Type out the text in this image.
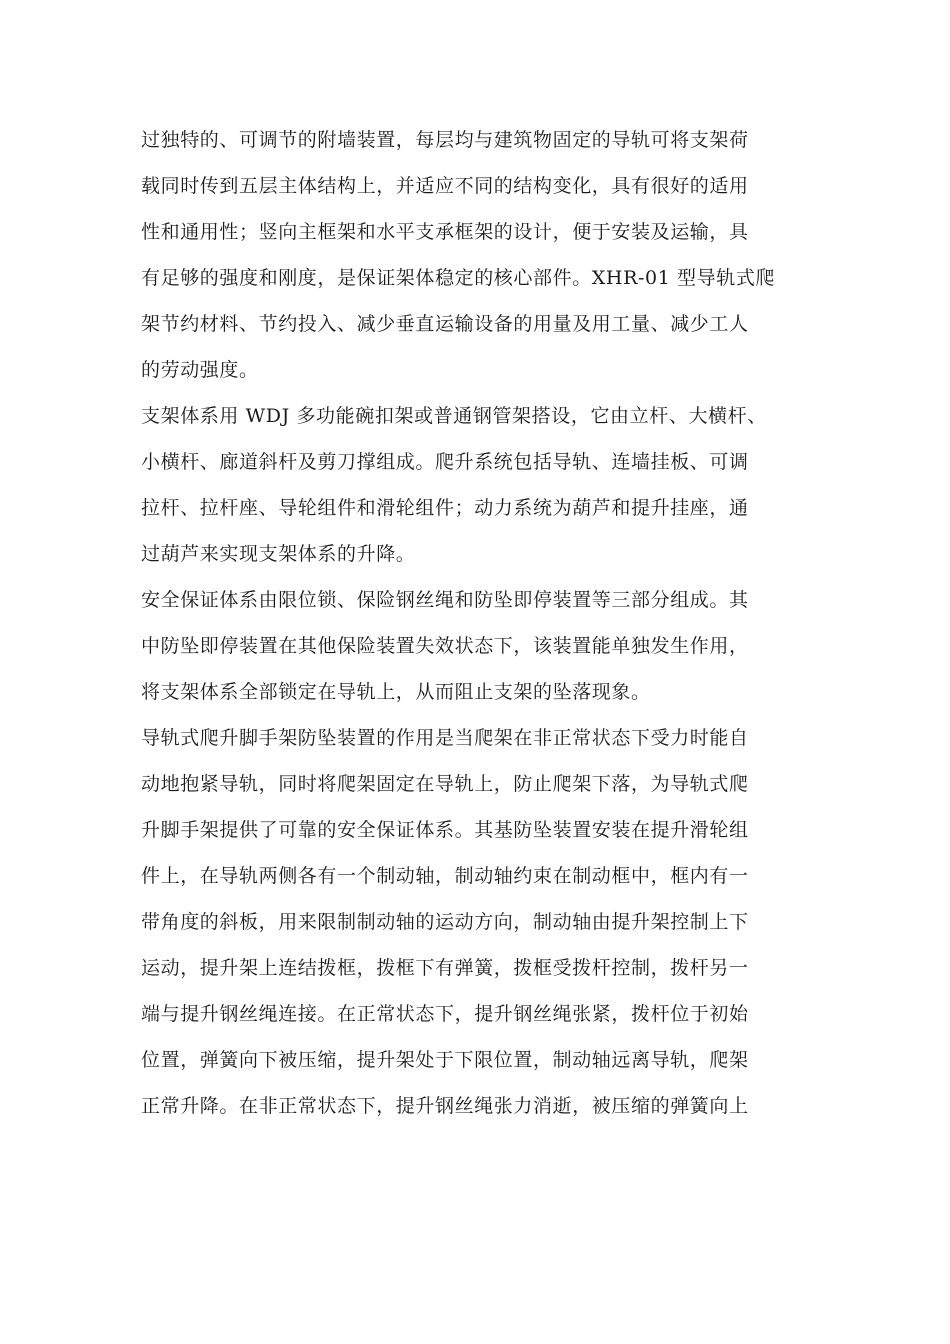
过独特的、可调节的附墙装置，每层均与建筑物固定的导轨可将支架荷
载同时传到五层主体结构上，并适应不同的结构变化，具有很好的适用
性和通用性；竖向主框架和水平支承框架的设计，便于安装及运输，具
有足够的强度和刚度，是保证架体稳定的核心部件。XHR-01 型导轨式爬
架节约材料、节约投入、减少垂直运输设备的用量及用工量、减少工人
的劳动强度。

支架体系用 WDJ 多功能碗扣架或普通钢管架搭设，它由立杆、大横杆、
小横杆、廊道斜杆及剪刀撑组成。爬升系统包括导轨、连墙挂板、可调
拉杆、拉杆座、导轮组件和滑轮组件；动力系统为葫芦和提升挂座，通
过葫芦来实现支架体系的升降。

安全保证体系由限位锁、保险钢丝绳和防坠即停装置等三部分组成。其
中防坠即停装置在其他保险装置失效状态下，该装置能单独发生作用，
将支架体系全部锁定在导轨上，从而阻止支架的坠落现象。

导轨式爬升脚手架防坠装置的作用是当爬架在非正常状态下受力时能自
动地抱紧导轨，同时将爬架固定在导轨上，防止爬架下落，为导轨式爬
升脚手架提供了可靠的安全保证体系。其基防坠装置安装在提升滑轮组
件上，在导轨两侧各有一个制动轴，制动轴约束在制动框中，框内有一
带角度的斜板，用来限制制动轴的运动方向，制动轴由提升架控制上下
运动，提升架上连结拨框，拨框下有弹簧，拨框受拨杆控制，拨杆另一
端与提升钢丝绳连接。在正常状态下，提升钢丝绳张紧，拨杆位于初始
位置，弹簧向下被压缩，提升架处于下限位置，制动轴远离导轨，爬架
正常升降。在非正常状态下，提升钢丝绳张力消逝，被压缩的弹簧向上
